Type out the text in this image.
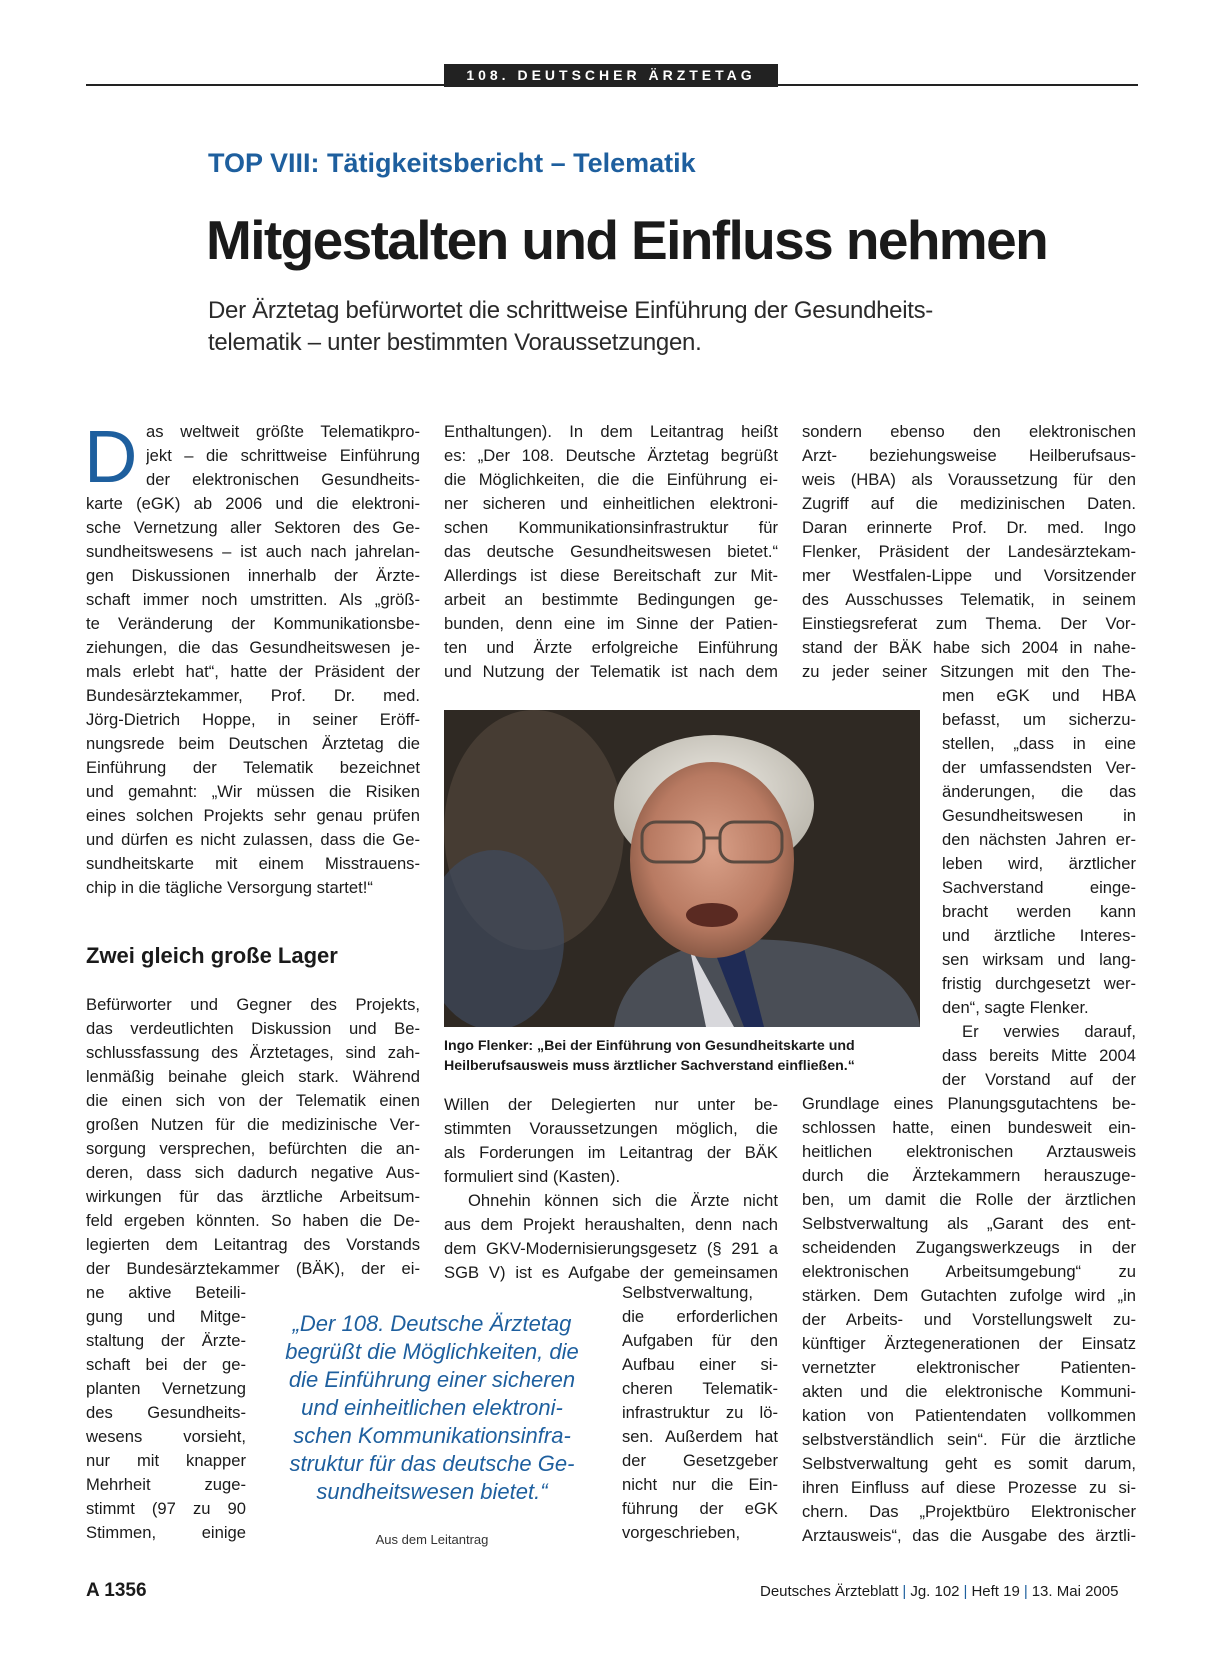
108. DEUTSCHER ÄRZTETAG
TOP VIII: Tätigkeitsbericht – Telematik
Mitgestalten und Einfluss nehmen
Der Ärztetag befürwortet die schrittweise Einführung der Gesundheits-
telematik – unter bestimmten Voraussetzungen.
D as weltweit größte Telematikpro-
jekt – die schrittweise Einführung
der elektronischen Gesundheits-
karte (eGK) ab 2006 und die elektroni-
sche Vernetzung aller Sektoren des Ge-
sundheitswesens – ist auch nach jahrelan-
gen Diskussionen innerhalb der Ärzte-
schaft immer noch umstritten. Als „größ-
te Veränderung der Kommunikationsbe-
ziehungen, die das Gesundheitswesen je-
mals erlebt hat“, hatte der Präsident der
Bundesärztekammer, Prof. Dr. med.
Jörg-Dietrich Hoppe, in seiner Eröff-
nungsrede beim Deutschen Ärztetag die
Einführung der Telematik bezeichnet
und gemahnt: „Wir müssen die Risiken
eines solchen Projekts sehr genau prüfen
und dürfen es nicht zulassen, dass die Ge-
sundheitskarte mit einem Misstrauens-
chip in die tägliche Versorgung startet!“
Befürworter und Gegner des Projekts,
das verdeutlichten Diskussion und Be-
schlussfassung des Ärztetages, sind zah-
lenmäßig beinahe gleich stark. Während
die einen sich von der Telematik einen
großen Nutzen für die medizinische Ver-
sorgung versprechen, befürchten die an-
deren, dass sich dadurch negative Aus-
wirkungen für das ärztliche Arbeitsum-
feld ergeben könnten. So haben die De-
legierten dem Leitantrag des Vorstands
der Bundesärztekammer (BÄK), der ei-
ne aktive Beteili-
gung und Mitge-
staltung der Ärzte-
schaft bei der ge-
planten Vernetzung
des Gesundheits-
wesens vorsieht,
nur mit knapper
Mehrheit zuge-
stimmt (97 zu 90
Stimmen, einige
Zwei gleich große Lager
Enthaltungen). In dem Leitantrag heißt
es: „Der 108. Deutsche Ärztetag begrüßt
die Möglichkeiten, die die Einführung ei-
ner sicheren und einheitlichen elektroni-
schen Kommunikationsinfrastruktur für
das deutsche Gesundheitswesen bietet.“
Allerdings ist diese Bereitschaft zur Mit-
arbeit an bestimmte Bedingungen ge-
bunden, denn eine im Sinne der Patien-
ten und Ärzte erfolgreiche Einführung
und Nutzung der Telematik ist nach dem
Willen der Delegierten nur unter be-
stimmten Voraussetzungen möglich, die
als Forderungen im Leitantrag der BÄK
formuliert sind (Kasten).
Ohnehin können sich die Ärzte nicht
aus dem Projekt heraushalten, denn nach
dem GKV-Modernisierungsgesetz (§ 291 a
SGB V) ist es Aufgabe der gemeinsamen
Selbstverwaltung,
die erforderlichen
Aufgaben für den
Aufbau einer si-
cheren Telematik-
infrastruktur zu lö-
sen. Außerdem hat
der Gesetzgeber
nicht nur die Ein-
führung der eGK
vorgeschrieben,
sondern ebenso den elektronischen
Arzt- beziehungsweise Heilberufsaus-
weis (HBA) als Voraussetzung für den
Zugriff auf die medizinischen Daten.
Daran erinnerte Prof. Dr. med. Ingo
Flenker, Präsident der Landesärztekam-
mer Westfalen-Lippe und Vorsitzender
des Ausschusses Telematik, in seinem
Einstiegsreferat zum Thema. Der Vor-
stand der BÄK habe sich 2004 in nahe-
zu jeder seiner Sitzungen mit den The-
men eGK und HBA
befasst, um sicherzu-
stellen, „dass in eine
der umfassendsten Ver-
änderungen, die das
Gesundheitswesen in
den nächsten Jahren er-
leben wird, ärztlicher
Sachverstand einge-
bracht werden kann
und ärztliche Interes-
sen wirksam und lang-
fristig durchgesetzt wer-
den“, sagte Flenker.
Er verwies darauf,
dass bereits Mitte 2004
der Vorstand auf der
Grundlage eines Planungsgutachtens be-
schlossen hatte, einen bundesweit ein-
heitlichen elektronischen Arztausweis
durch die Ärztekammern herauszuge-
ben, um damit die Rolle der ärztlichen
Selbstverwaltung als „Garant des ent-
scheidenden Zugangswerkzeugs in der
elektronischen Arbeitsumgebung“ zu
stärken. Dem Gutachten zufolge wird „in
der Arbeits- und Vorstellungswelt zu-
künftiger Ärztegenerationen der Einsatz
vernetzter elektronischer Patienten-
akten und die elektronische Kommuni-
kation von Patientendaten vollkommen
selbstverständlich sein“. Für die ärztliche
Selbstverwaltung geht es somit darum,
ihren Einfluss auf diese Prozesse zu si-
chern. Das „Projektbüro Elektronischer
Arztausweis“, das die Ausgabe des ärztli-
Ingo Flenker: „Bei der Einführung von Gesundheitskarte und
Heilberufsausweis muss ärztlicher Sachverstand einfließen.“
„Der 108. Deutsche Ärztetag
begrüßt die Möglichkeiten, die
die Einführung einer sicheren
und einheitlichen elektroni-
schen Kommunikationsinfra-
struktur für das deutsche Ge-
sundheitswesen bietet.“
Aus dem Leitantrag
A 1356	Deutsches Ärzteblatt | Jg. 102 | Heft 19 | 13. Mai 2005
